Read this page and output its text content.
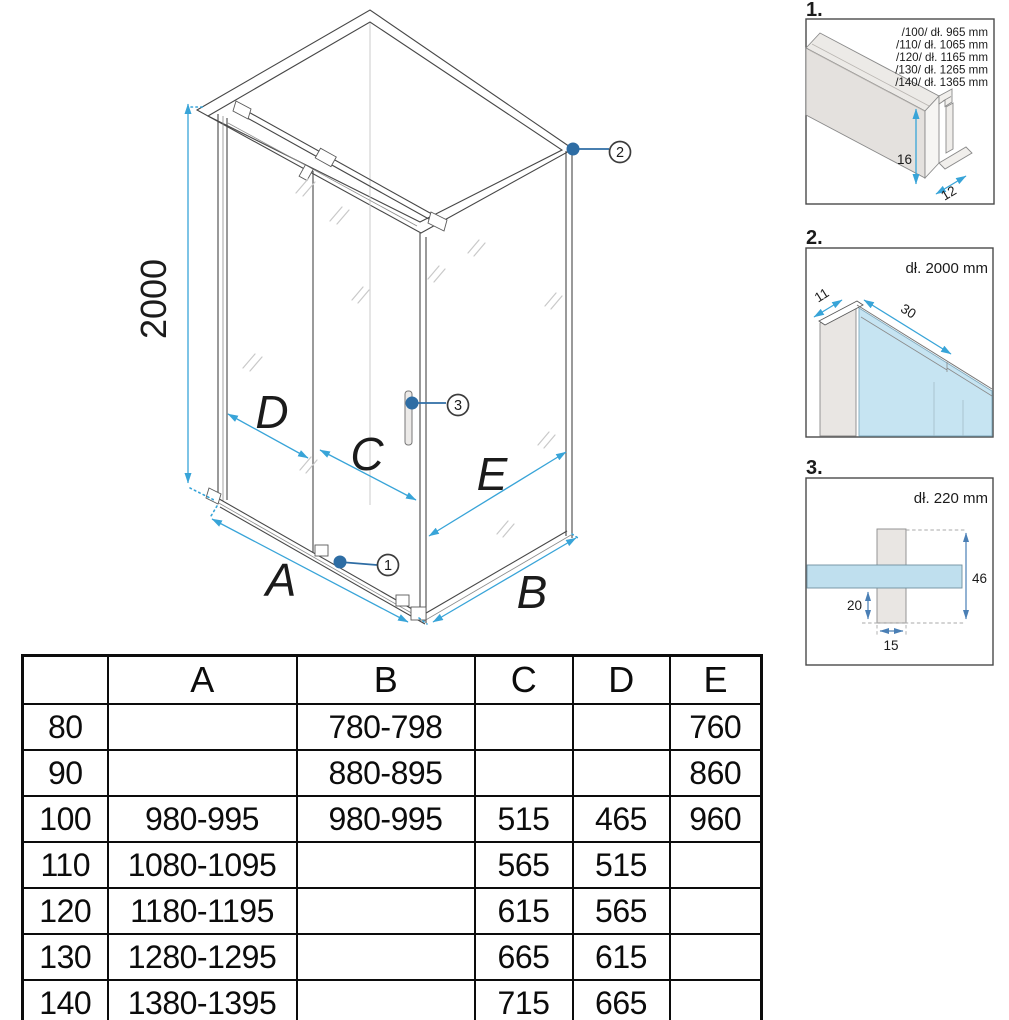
2000
A	B
C
D
E
2
3
1
1.
/100/ dł. 965 mm
/110/ dł. 1065 mm
/120/ dł. 1165 mm
/130/ dł. 1265 mm
/140/ dł. 1365 mm
16
12
2.
dł. 2000 mm
11
30
3.
dł. 220 mm
46
20
15
	A	B	C	D	E
80		780-798			760
90		880-895			860
100	980-995	980-995	515	465	960
110	1080-1095		565	515	
120	1180-1195		615	565	
130	1280-1295		665	615	
140	1380-1395		715	665	
